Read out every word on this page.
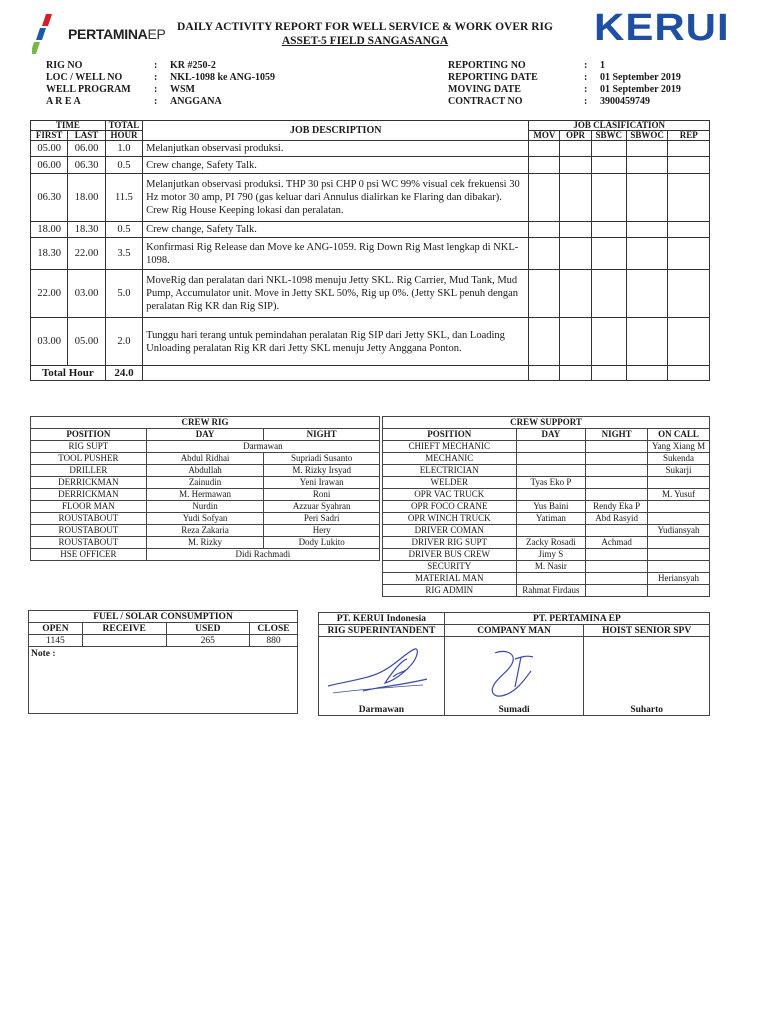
PERTAMINAEP DAILY ACTIVITY REPORT FOR WELL SERVICE & WORK OVER RIG
ASSET-5 FIELD SANGASANGA	KERUI
RIG NO	:	KR #250-2
LOC / WELL NO	:	NKL-1098 ke ANG-1059
WELL PROGRAM	:	WSM
A R E A	:	ANGGANA
REPORTING NO	:	1
REPORTING DATE	:	01 September 2019
MOVING DATE	:	01 September 2019
CONTRACT NO	:	3900459749
TIME		TOTAL	JOB DESCRIPTION	JOB CLASIFICATION				
FIRST	LAST	HOUR		MOV	OPR	SBWC	SBWOC	REP
05.00	06.00	1.0	Melanjutkan observasi produksi.					
06.00	06.30	0.5	Crew change, Safety Talk.					
06.30	18.00	11.5	Melanjutkan observasi produksi. THP 30 psi CHP 0 psi WC 99% visual cek frekuensi 30 Hz motor 30 amp, PI 790 (gas keluar dari Annulus dialirkan ke Flaring dan dibakar). Crew Rig House Keeping lokasi dan peralatan.					
18.00	18.30	0.5	Crew change, Safety Talk.					
18.30	22.00	3.5	Konfirmasi Rig Release dan Move ke ANG-1059. Rig Down Rig Mast lengkap di NKL-1098.					
22.00	03.00	5.0	MoveRig dan peralatan dari NKL-1098 menuju Jetty SKL. Rig Carrier, Mud Tank, Mud Pump, Accumulator unit. Move in Jetty SKL 50%, Rig up 0%. (Jetty SKL penuh dengan peralatan Rig KR dan Rig SIP).					
03.00	05.00	2.0	Tunggu hari terang untuk pemindahan peralatan Rig SIP dari Jetty SKL, dan Loading Unloading peralatan Rig KR dari Jetty SKL menuju Jetty Anggana Ponton.					
Total Hour		24.0						
CREW RIG		
POSITION	DAY	NIGHT
RIG SUPT	Darmawan	
TOOL PUSHER	Abdul Ridhai	Supriadi Susanto
DRILLER	Abdullah	M. Rizky Irsyad
DERRICKMAN	Zainudin	Yeni Irawan
DERRICKMAN	M. Hermawan	Roni
FLOOR MAN	Nurdin	Azzuar Syahran
ROUSTABOUT	Yudi Sofyan	Peri Sadri
ROUSTABOUT	Reza Zakaria	Hery
ROUSTABOUT	M. Rizky	Dody Lukito
HSE OFFICER	Didi Rachmadi	
CREW SUPPORT			
POSITION	DAY	NIGHT	ON CALL
CHIEFT MECHANIC			Yang Xiang M
MECHANIC			Sukenda
ELECTRICIAN			Sukarji
WELDER	Tyas Eko P		
OPR VAC TRUCK			M. Yusuf
OPR FOCO CRANE	Yus Baini	Rendy Eka P	
OPR WINCH TRUCK	Yatiman	Abd Rasyid	
DRIVER COMAN			Yudiansyah
DRIVER RIG SUPT	Zacky Rosadi	Achmad	
DRIVER BUS CREW	Jimy S		
SECURITY	M. Nasir		
MATERIAL MAN			Heriansyah
RIG ADMIN	Rahmat Firdaus		
FUEL / SOLAR CONSUMPTION			
OPEN	RECEIVE	USED	CLOSE
1145		265	880
Note :			
PT. KERUI Indonesia	PT. PERTAMINA EP	
RIG SUPERINTANDENT	COMPANY MAN	HOIST SENIOR SPV

Darmawan	Sumadi	Suharto
